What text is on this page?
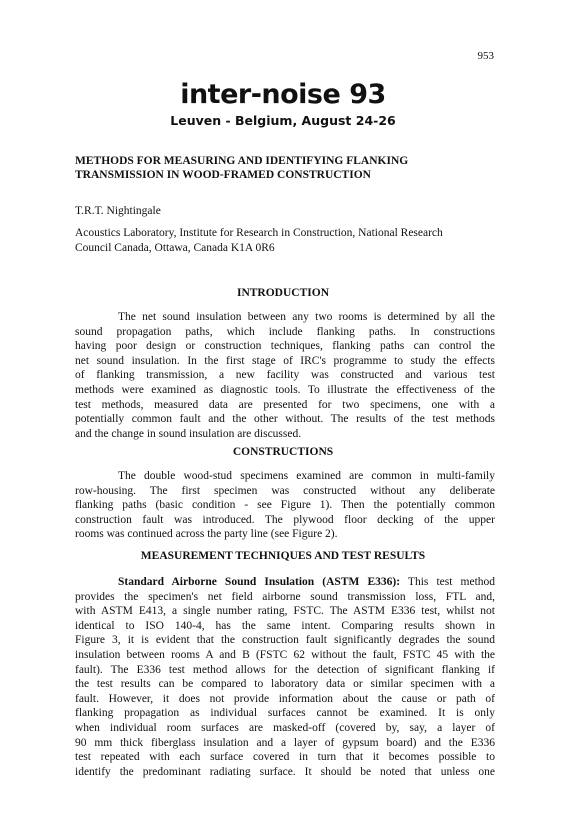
953
inter-noise 93
Leuven - Belgium, August 24-26
METHODS FOR MEASURING AND IDENTIFYING FLANKING
TRANSMISSION IN WOOD-FRAMED CONSTRUCTION
T.R.T. Nightingale
Acoustics Laboratory, Institute for Research in Construction, National Research
Council Canada, Ottawa, Canada K1A 0R6
INTRODUCTION
The net sound insulation between any two rooms is determined by all the
sound propagation paths, which include flanking paths. In constructions
having poor design or construction techniques, flanking paths can control the
net sound insulation. In the first stage of IRC's programme to study the effects
of flanking transmission, a new facility was constructed and various test
methods were examined as diagnostic tools. To illustrate the effectiveness of the
test methods, measured data are presented for two specimens, one with a
potentially common fault and the other without. The results of the test methods
and the change in sound insulation are discussed.
CONSTRUCTIONS
The double wood-stud specimens examined are common in multi-family
row-housing. The first specimen was constructed without any deliberate
flanking paths (basic condition - see Figure 1). Then the potentially common
construction fault was introduced. The plywood floor decking of the upper
rooms was continued across the party line (see Figure 2).
MEASUREMENT TECHNIQUES AND TEST RESULTS
Standard Airborne Sound Insulation (ASTM E336): This test method
provides the specimen's net field airborne sound transmission loss, FTL and,
with ASTM E413, a single number rating, FSTC. The ASTM E336 test, whilst not
identical to ISO 140-4, has the same intent. Comparing results shown in
Figure 3, it is evident that the construction fault significantly degrades the sound
insulation between rooms A and B (FSTC 62 without the fault, FSTC 45 with the
fault). The E336 test method allows for the detection of significant flanking if
the test results can be compared to laboratory data or similar specimen with a
fault. However, it does not provide information about the cause or path of
flanking propagation as individual surfaces cannot be examined. It is only
when individual room surfaces are masked-off (covered by, say, a layer of
90 mm thick fiberglass insulation and a layer of gypsum board) and the E336
test repeated with each surface covered in turn that it becomes possible to
identify the predominant radiating surface. It should be noted that unless one
